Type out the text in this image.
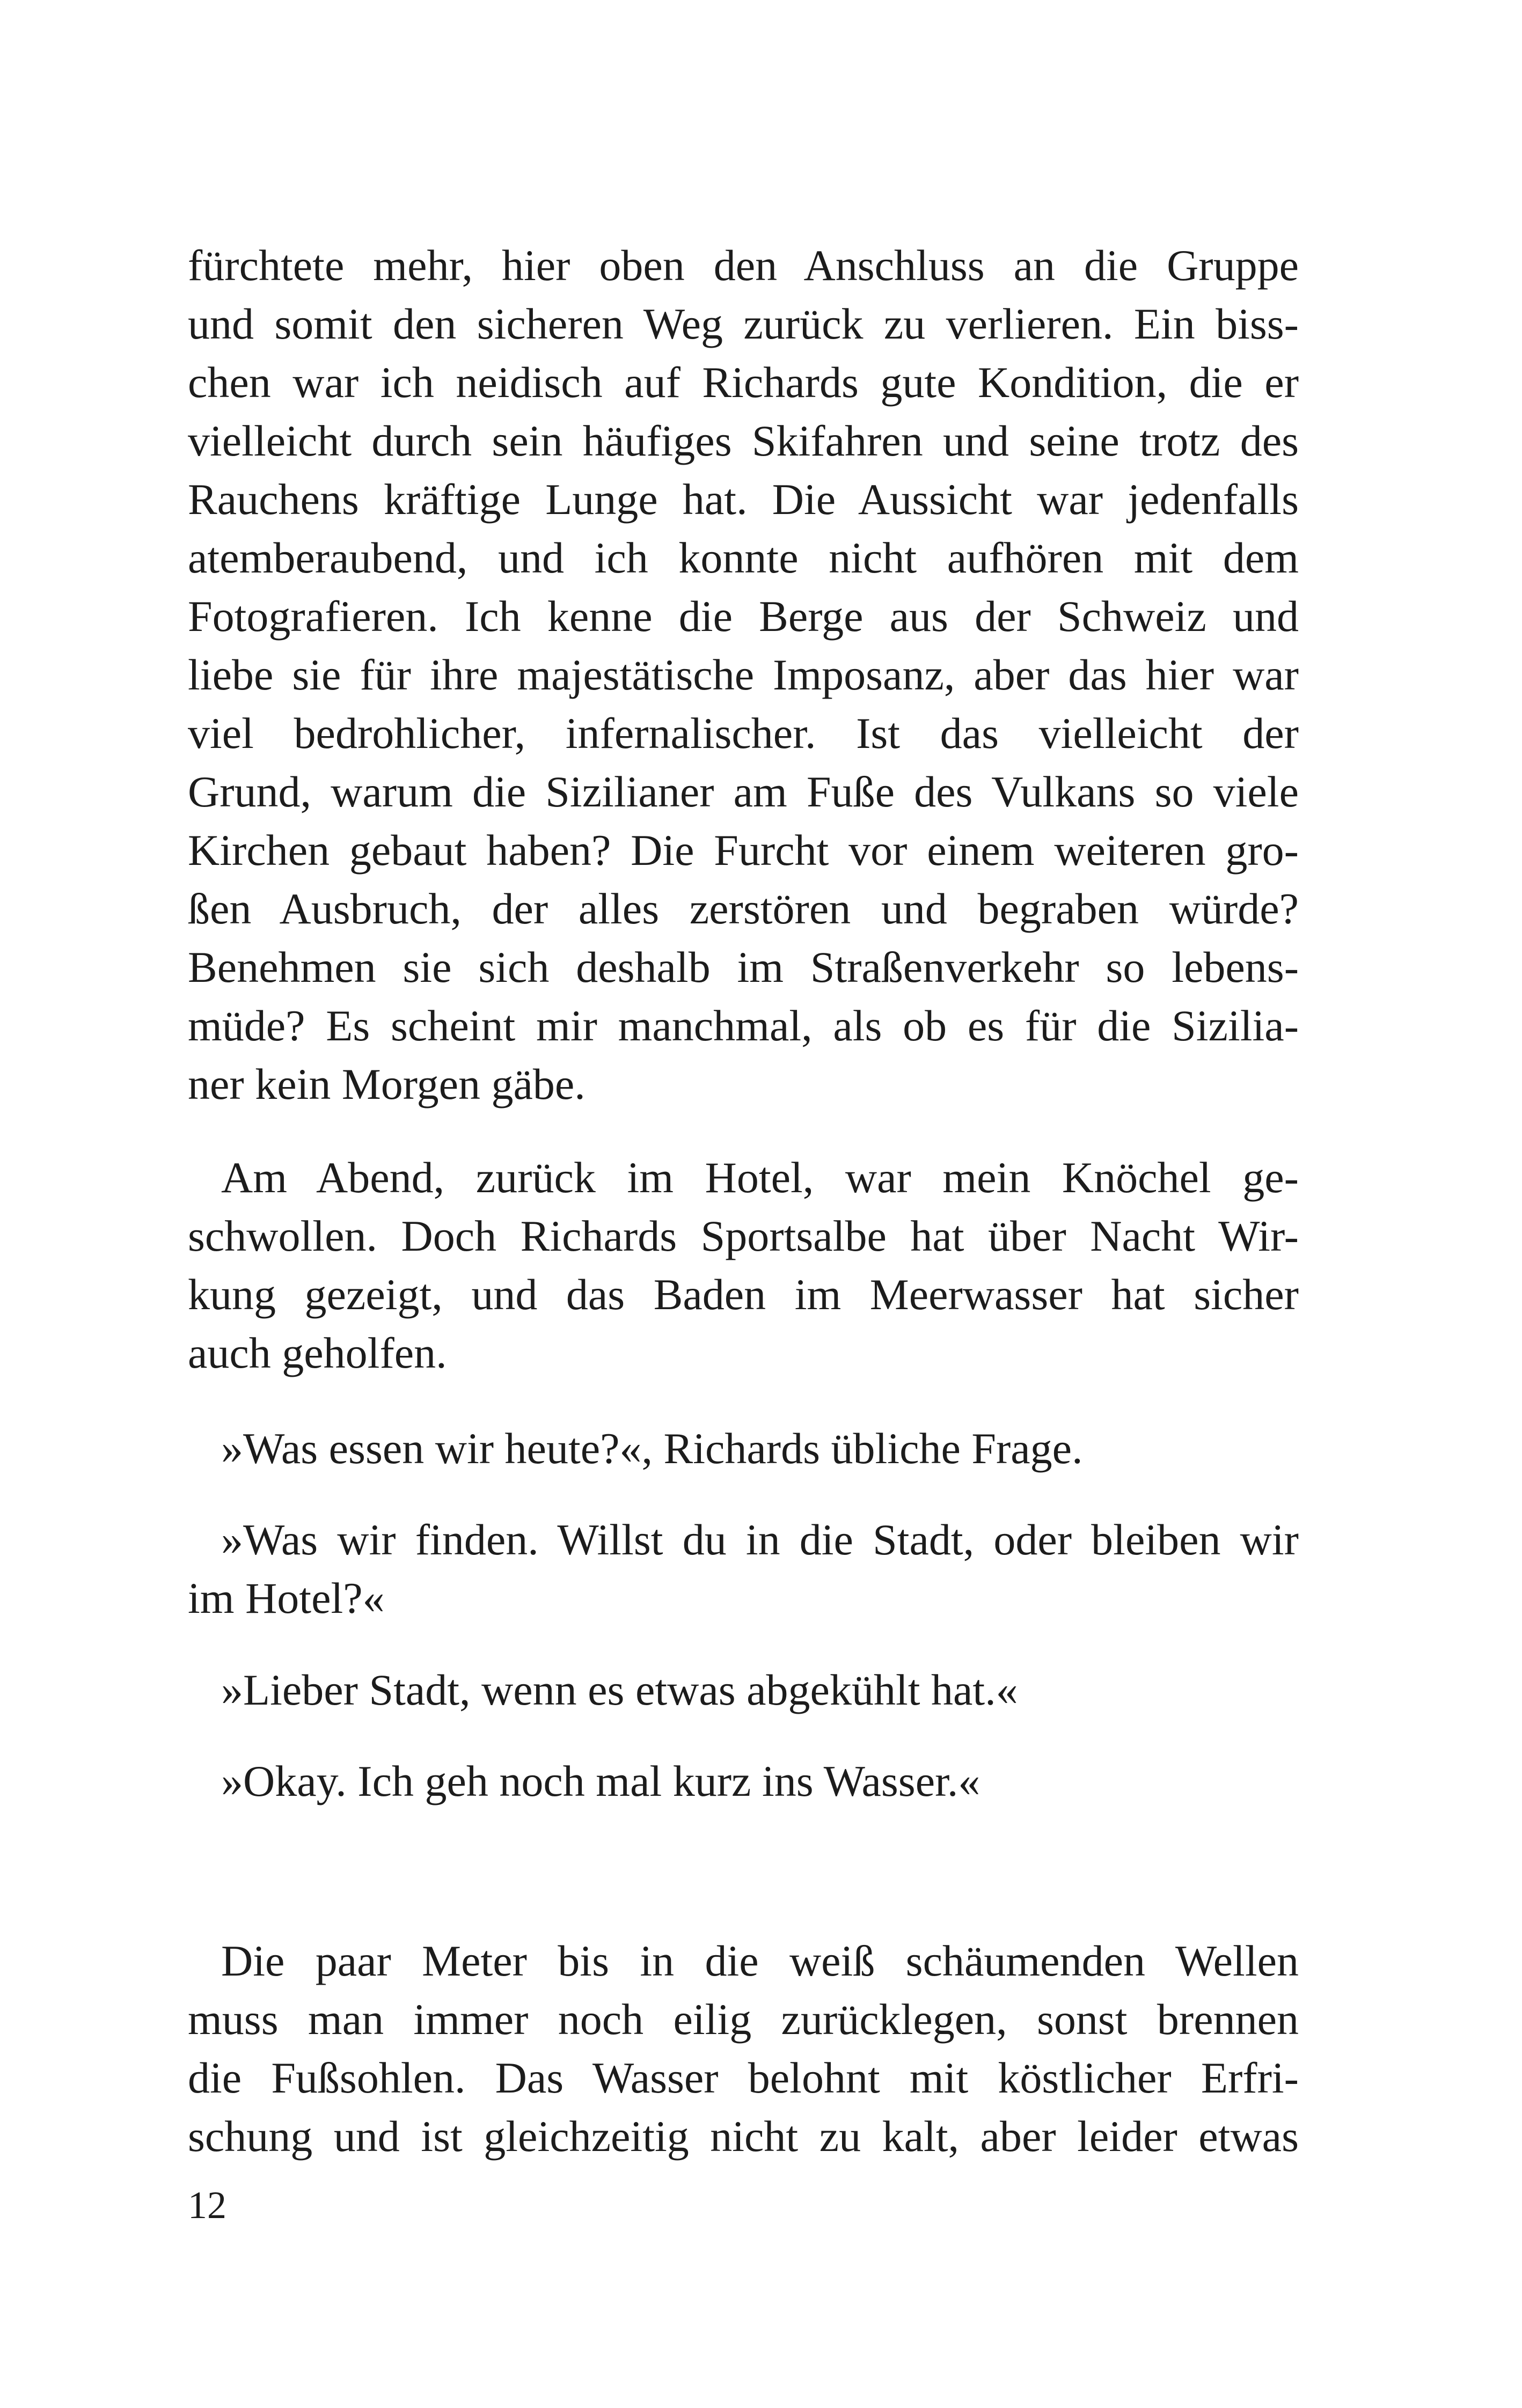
fürchtete mehr, hier oben den Anschluss an die Gruppe
und somit den sicheren Weg zurück zu verlieren. Ein biss-
chen war ich neidisch auf Richards gute Kondition, die er
vielleicht durch sein häufiges Skifahren und seine trotz des
Rauchens kräftige Lunge hat. Die Aussicht war jedenfalls
atemberaubend, und ich konnte nicht aufhören mit dem
Fotografieren. Ich kenne die Berge aus der Schweiz und
liebe sie für ihre majestätische Imposanz, aber das hier war
viel bedrohlicher, infernalischer. Ist das vielleicht der
Grund, warum die Sizilianer am Fuße des Vulkans so viele
Kirchen gebaut haben? Die Furcht vor einem weiteren gro-
ßen Ausbruch, der alles zerstören und begraben würde?
Benehmen sie sich deshalb im Straßenverkehr so lebens-
müde? Es scheint mir manchmal, als ob es für die Sizilia-
ner kein Morgen gäbe.

Am Abend, zurück im Hotel, war mein Knöchel ge-
schwollen. Doch Richards Sportsalbe hat über Nacht Wir-
kung gezeigt, und das Baden im Meerwasser hat sicher
auch geholfen.

»Was essen wir heute?«, Richards übliche Frage.

»Was wir finden. Willst du in die Stadt, oder bleiben wir
im Hotel?«

»Lieber Stadt, wenn es etwas abgekühlt hat.«

»Okay. Ich geh noch mal kurz ins Wasser.«

Die paar Meter bis in die weiß schäumenden Wellen
muss man immer noch eilig zurücklegen, sonst brennen
die Fußsohlen. Das Wasser belohnt mit köstlicher Erfri-
schung und ist gleichzeitig nicht zu kalt, aber leider etwas

12
